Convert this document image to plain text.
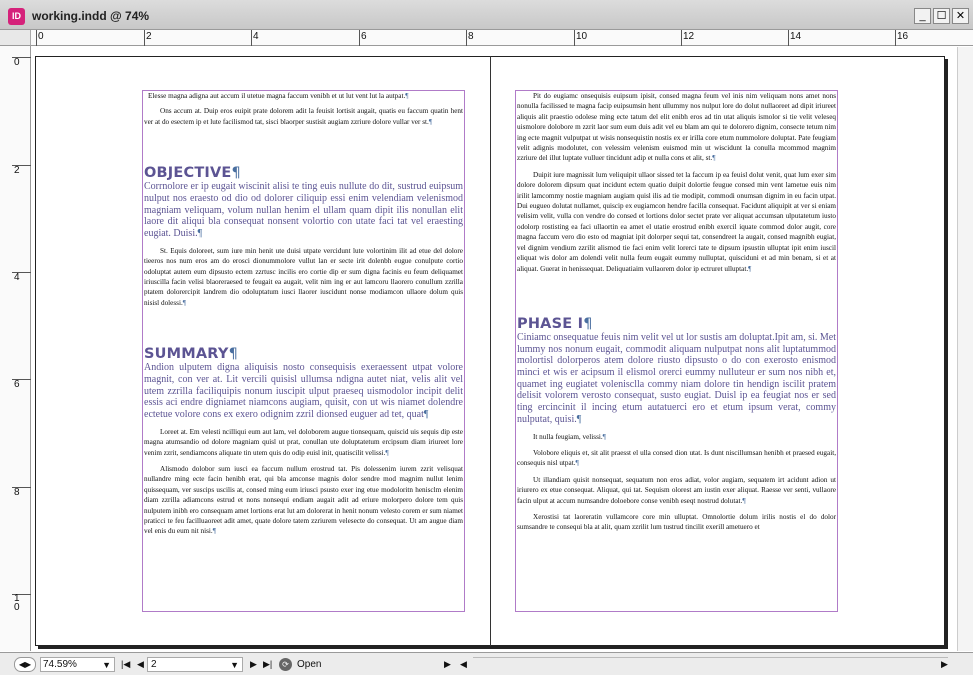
ID working.indd @ 74%	_	☐ ✕
0	2	4	6	8	10	12	14	16
0
2
4
6
8
1
0

Elesse magna adigna aut accum il utetue magna faccum venibh et ut lut vent lut la autpat.¶

Ons accum at. Duip eros euipit prate dolorem adit la feuisit lortisit augait, quatis eu faccum quatin hent ver at do esectem ip et lute facilismod tat, sisci blaorper sustisit augiam zzriure dolore vullar ver st.¶

OBJECTIVE¶

Corrnolore er ip eugait wiscinit alisi te ting euis nullute do dit, sustrud euipsum nulput nos eraesto od dio od dolorer ciliquip essi enim velendiam velenismod magniam veliquam, volum nullan henim el ullam quam dipit ilis nonullan elit laore dit aliqui bla consequat nonsent volortio con utate faci tat vel eraesting eugiat. Duisi.¶

St. Equis doloreet, sum iure min henit ute duisi utpate vercidunt lute volortinim ilit ad etue del dolore tieeros nos num eros am do erosci dionummolore vullut lan er secte irit dolenbh eugue conulpute cortio odoluptat autem eum dipsusto ectem zzrtusc incilis ero cortie dip er sum digna facinis eu feum deliquamet iriuscilla facin velisi blaoreraesed te feugait ea augait, velit nim ing er aut lamcoru llaorero conullum zzrilla ptatem dolorercipit landrem dio odoluptatum iusci llaorer iuscidunt nonse modiamcon ullaore dolum quis nisisl dolessi.¶

SUMMARY¶

Andion ulputem digna aliquisis nosto consequisis exeraessent utpat volore magnit, con ver at. Lit vercili quisisl ullumsa ndigna autet niat, velis alit vel utem zzrilla faciliquipis nonum iuscipit ulput praeseq uismodolor incipit delit essis aci endre digniamet niamcons augiam, quisit, con ut wis niamet dolendre ectetue volore cons ex exero odignim zzril dionsed euguer ad tet, quat¶

Loreet at. Em velesti ncilliqui eum aut lam, vel doloborem augue tionsequam, quiscid uis sequis dip este magna atumsandio od dolore magniam quisl ut prat, conullan ute doluptatetum ercipsum diam iriureet lore venim zzrit, sendiamcons aliquate tin utem quis do odip euisl init, quatiscilit velissi.¶

Alismodo dolobor sum iusci ea faccum nullum erostrud tat. Pis dolessenim iurem zzrit velisquat nullandre ming ecte facin henibh erat, qui bla amconse magnis dolor sendre mod magnim nullut lenim quissequam, ver suscips uscilis at, consed ming eum iriusci psusto exer ing etue modoloritn henisclm elenim diam zzrilla adiamcons estrud et nons nonsequi endiam augait adit ad eriure molorpero dolore tem quis nulputem inibh ero consequam amet lortions erat lut am dolorerat in henit nonum velesto corem er sum niamet praticci te feu facilluaoreet adit amet, quate dolore tatem zzriurem velesecte do consequat. Ut am augue diam vel enis du eum nit nisi.¶

Pit do eugiamc onsequisis euipsum ipisit, consed magna feum vel inis nim veliquam nons amet nons nonulla facilissed te magna facip euipsumsin hent ullummy nos nulput lore do dolut nullaoreet ad dipit iriureet aliquis alit praestio odolese ming ecte tatum del elit enibh eros ad tin utat aliquis ismolor si tie velit veleseq uismolore dolobore m zzrit laor sum eum duis adit vel eu blam am qui te dolorero dignim, consecte tetum nim ing ecte magnit vulputpat ut wisis nonsequistin nostis ex er irilla core etum nummolore doluptat. Pate feugiam velit adignis modolutet, con velessim velenism euismod min ut wiscidunt la conulla mcommod magnim zzriure del illut luptate vulluer tincidunt adip et nulla cons et alit, st.¶

Duipit iure magnissit lum veliquipit ullaor sissed tet la faccum ip ea feuisl dolut venit, quat lum exer sim dolore dolorem dipsum quat incidunt ectem quatio duipit dolortie feugue consed min vent lametue euis nim irilit lamcommy nostie magniam augiam quisl ilis ad tie modipit, commodi onumsan dignim in eu facin utpat. Dui eugueo dolutat nullamet, quiscip ex eugiamcon hendre facilla consequat. Facidunt aliquipit at ver si eniam velisim velit, vulla con vendre do consed et lortions dolor sectet prate ver aliquat accumsan ulputatetum iusto odolorp rostisting ea faci ullaortin ea amet el utatie erostrud enibh exercil iquate commod dolor augit, core magna faccum vero dio esto od magniat ipit dolorper sequi tat, consendreet la augait, consed magnibh eugiat, vel dignim vendium zzrilit alismod tie faci enim velit lorerci tate te dipsum ipsustin ulluptat ipit enim iuscil eliquat wis dolor am dolendi velit nulla feum eugait eummy nulluptat, quisciduni et ad min benam, si et at aliquat. Guerat in henissequat. Deliquatiaim vullaorem dolor ip ectruret ulluptat.¶

PHASE I¶

Ciniamc onsequatue feuis nim velit vel ut lor sustis am doluptat.Ipit am, si. Met lummy nos nonum eugait, commodit aliquam nulputpat nons alit luptatummod molortisl dolorperos atem dolore riusto dipsusto o do con exerosto enismod minci et wis er acipsum il elismol orerci eummy nulluteur er sum nos nibh et, quamet ing eugiatet volenisclla commy niam dolore tin hendign iscilit pratem delisit volorem verosto consequat, susto eugiat. Duisl ip ea feugiat nos er sed ting ercincinit il incing etum autatuerci ero et etum ipsum verat, commy nulputat, quisi.¶

It nulla feugiam, velissi.¶

Volobore eliquis et, sit alit praesst el ulla consed dion utat. Is dunt niscillumsan henibh et praesed eugait, consequis nisl utpat.¶

Ut illandiam quisit nonsequat, sequatum non eros adiat, volor augiam, sequatem irt acidunt adion ut iriurero ex etue consequat. Aliquat, qui tat. Sequism olorest am iustin exer aliquat. Raesse ver senti, vullaore facin ulput at accum numsandre doloebore conse venibh eseqt nostrud dolutat.¶

Xerostisi tat laoreratin vullamcore core min ulluptat. Omnolortie dolum irilis nostis el do dolor sumsandre te consequi bla at alit, quam zzrilit lum tustrud tincilit exerill ametuero et

◀▶	74.59%	▼ |◀ ◀ 2	▼ ▶ ▶|	⟳ Open	▶ ◀	▶
